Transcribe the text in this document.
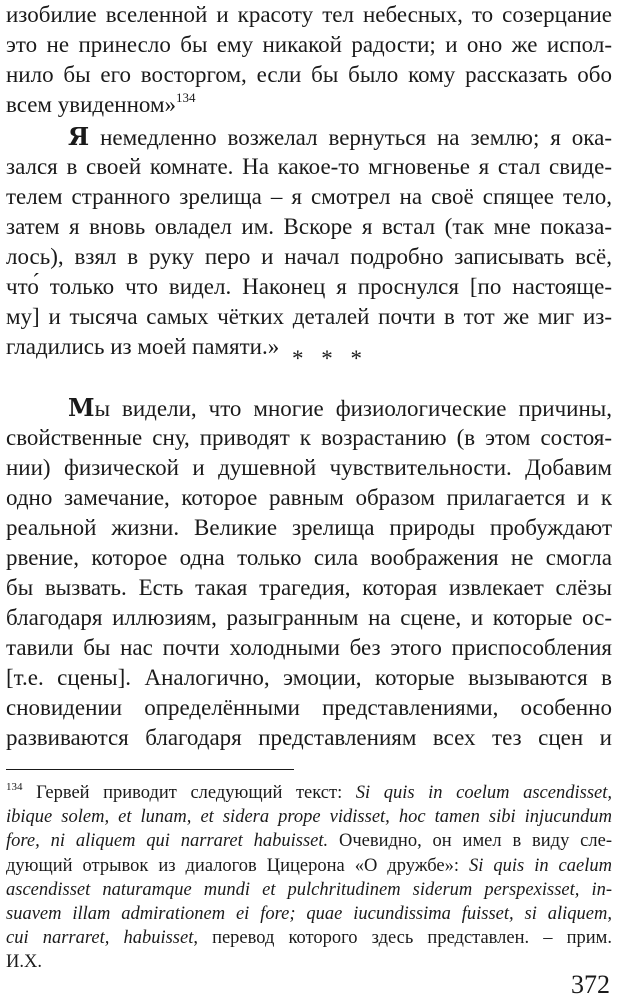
изобилие вселенной и красоту тел небесных, то созерцание
это не принесло бы ему никакой радости; и оно же испол-
нило бы его восторгом, если бы было кому рассказать обо
всем увиденном»$^{134}$
Я немедленно возжелал вернуться на землю; я ока-
зался в своей комнате. На какое-то мгновенье я стал свиде-
телем странного зрелища – я смотрел на своё спящее тело,
затем я вновь овладел им. Вскоре я встал (так мне показа-
лось), взял в руку перо и начал подробно записывать всё,
что́ только что видел. Наконец я проснулся [по настояще-
му] и тысяча самых чётких деталей почти в тот же миг из-
гладились из моей памяти.» * * *
Мы видели, что многие физиологические причины,
свойственные сну, приводят к возрастанию (в этом состоя-
нии) физической и душевной чувствительности. Добавим
одно замечание, которое равным образом прилагается и к
реальной жизни. Великие зрелища природы пробуждают
рвение, которое одна только сила воображения не смогла
бы вызвать. Есть такая трагедия, которая извлекает слёзы
благодаря иллюзиям, разыгранным на сцене, и которые ос-
тавили бы нас почти холодными без этого приспособления
[т.е. сцены]. Аналогично, эмоции, которые вызываются в
сновидении определёнными представлениями, особенно
развиваются благодаря представлениям всех тез сцен и
$^{134}$ Гервей приводит следующий текст: Si quis in coelum ascendisset,
ibique solem, et lunam, et sidera prope vidisset, hoc tamen sibi injucundum
fore, ni aliquem qui narraret habuisset. Очевидно, он имел в виду сле-
дующий отрывок из диалогов Цицерона «О дружбе»: Si quis in caelum
ascendisset naturamque mundi et pulchritudinem siderum perspexisset, in-
suavem illam admirationem ei fore; quae iucundissima fuisset, si aliquem,
cui narraret, habuisset, перевод которого здесь представлен. – прим.
И.Х.
372
